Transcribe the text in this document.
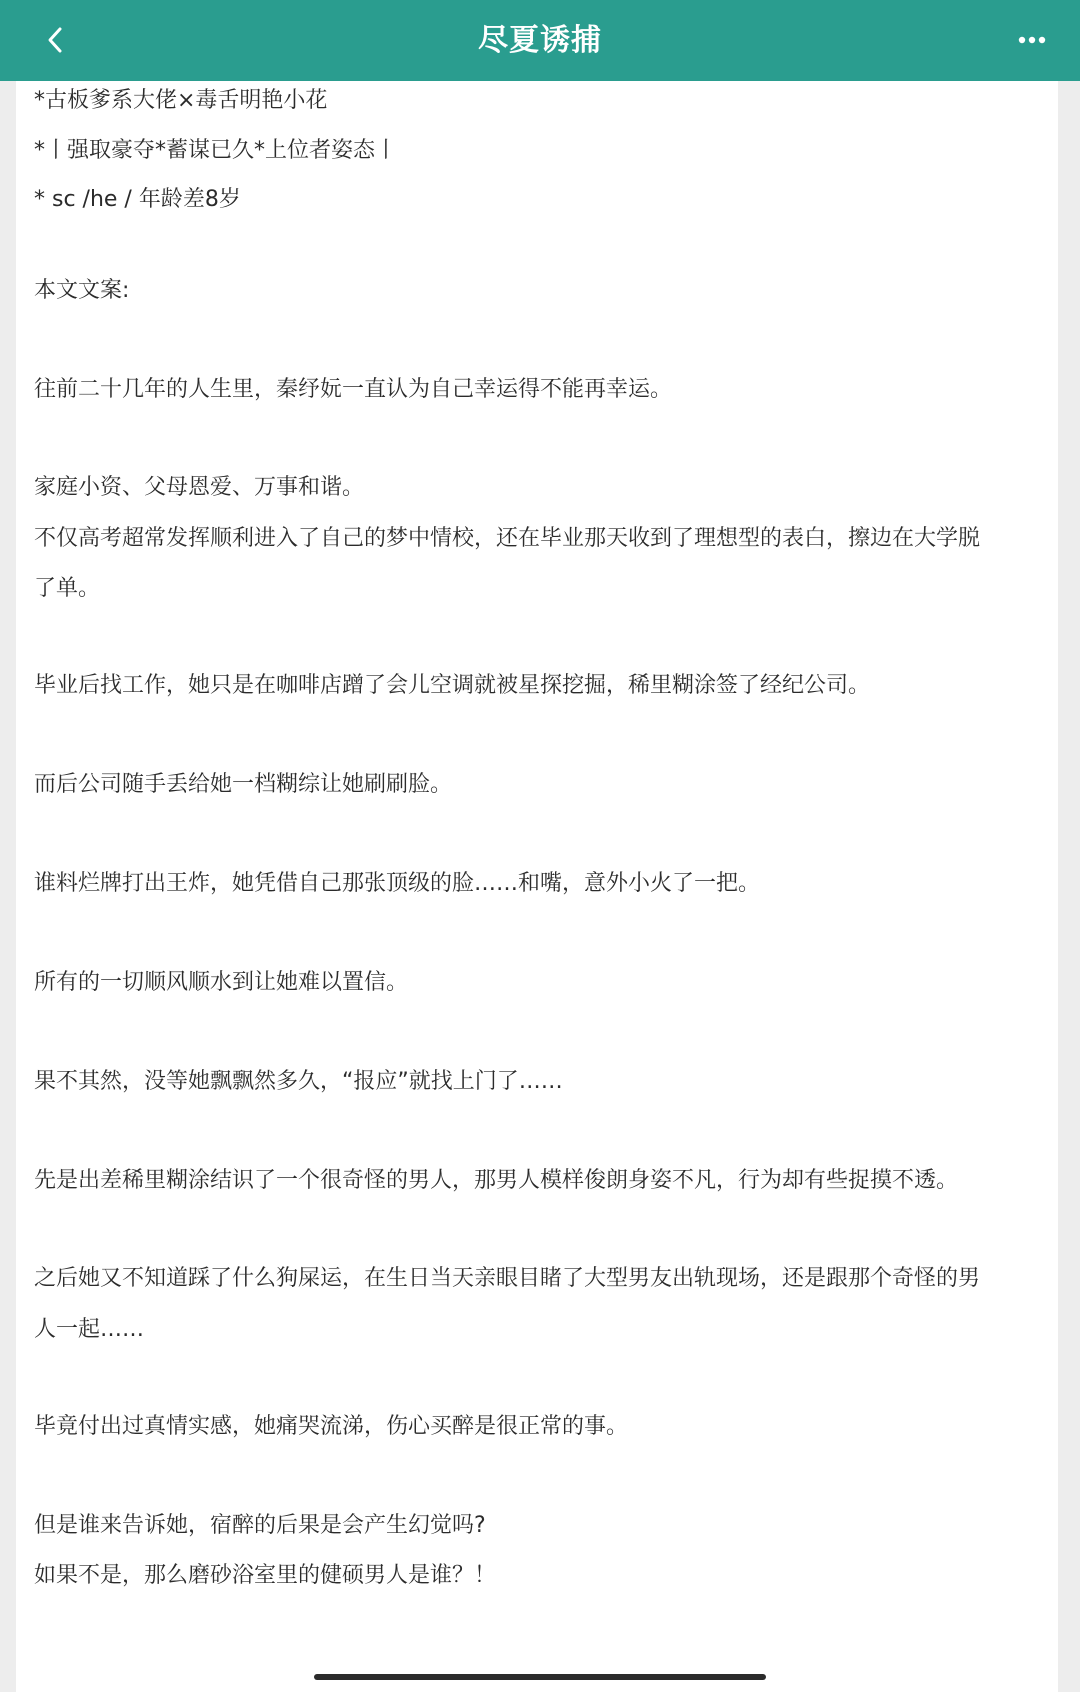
尽夏诱捕
*古板爹系大佬×毒舌明艳小花
*丨强取豪夺*蓄谋已久*上位者姿态丨
* sc /he / 年龄差8岁
本文文案:
往前二十几年的人生里，秦纾妧一直认为自己幸运得不能再幸运。
家庭小资、父母恩爱、万事和谐。
不仅高考超常发挥顺利进入了自己的梦中情校，还在毕业那天收到了理想型的表白，擦边在大学脱
了单。
毕业后找工作，她只是在咖啡店蹭了会儿空调就被星探挖掘，稀里糊涂签了经纪公司。
而后公司随手丢给她一档糊综让她刷刷脸。
谁料烂牌打出王炸，她凭借自己那张顶级的脸……和嘴，意外小火了一把。
所有的一切顺风顺水到让她难以置信。
果不其然，没等她飘飘然多久，“报应”就找上门了……
先是出差稀里糊涂结识了一个很奇怪的男人，那男人模样俊朗身姿不凡，行为却有些捉摸不透。
之后她又不知道踩了什么狗屎运，在生日当天亲眼目睹了大型男友出轨现场，还是跟那个奇怪的男
人一起……
毕竟付出过真情实感，她痛哭流涕，伤心买醉是很正常的事。
但是谁来告诉她，宿醉的后果是会产生幻觉吗?
如果不是，那么磨砂浴室里的健硕男人是谁？！
